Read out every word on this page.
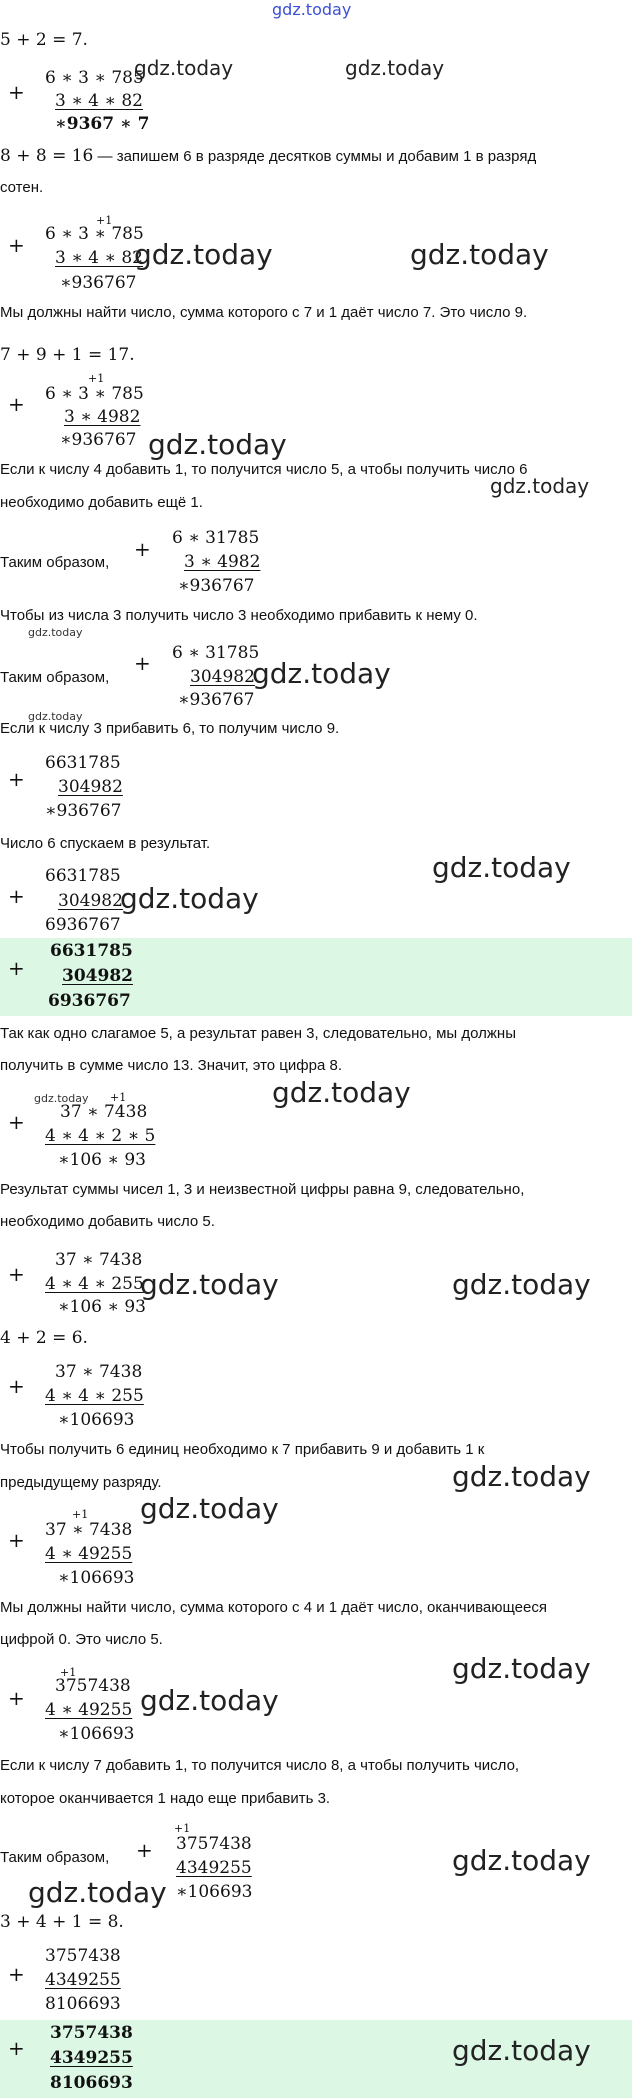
gdz.today
5 + 2 = 7.
+
6 ∗ 3 ∗ 785
3 ∗ 4 ∗ 82
∗9367 ∗ 7
gdz.today	gdz.today
8 + 8 = 16 — запишем 6 в разряде десятков суммы и добавим 1 в разряд
сотен.
+1
+ 6 ∗ 3 ∗ 785
3 ∗ 4 ∗ 82
∗936767
gdz.today	gdz.today
Мы должны найти число, сумма которого с 7 и 1 даёт число 7. Это число 9.
7 + 9 + 1 = 17.
+1
+ 6 ∗ 3 ∗ 785
3 ∗ 4982
∗936767 gdz.today
Если к числу 4 добавить 1, то получится число 5, а чтобы получить число 6
необходимо добавить ещё 1.
gdz.today
Таким образом,
+ 6 ∗ 31785
3 ∗ 4982
∗936767
Чтобы из числа 3 получить число 3 необходимо прибавить к нему 0.
gdz.today
Таким образом,
+ 6 ∗ 31785
304982
∗936767
gdz.today
gdz.today
Если к числу 3 прибавить 6, то получим число 9.
+
6631785
304982
∗936767
Число 6 спускаем в результат.
+
6631785
304982
6936767
gdz.today
gdz.today
+
6631785
304982
6936767
Так как одно слагамое 5, а результат равен 3, следовательно, мы должны
получить в сумме число 13. Значит, это цифра 8.
gdz.today +1
+ 37 ∗ 7438
4 ∗ 4 ∗ 2 ∗ 5
∗106 ∗ 93
gdz.today
Результат суммы чисел 1, 3 и неизвестной цифры равна 9, следовательно,
необходимо добавить число 5.
+
37 ∗ 7438
4 ∗ 4 ∗ 255
∗106 ∗ 93
gdz.today	gdz.today
4 + 2 = 6.
+
37 ∗ 7438
4 ∗ 4 ∗ 255
∗106693
Чтобы получить 6 единиц необходимо к 7 прибавить 9 и добавить 1 к
предыдущему разряду.	gdz.today
+1
+ 37 ∗ 7438
4 ∗ 49255
∗106693
gdz.today
Мы должны найти число, сумма которого с 4 и 1 даёт число, оканчивающееся
цифрой 0. Это число 5.
+1
+ 3757438
4 ∗ 49255
∗106693
gdz.today
gdz.today
Если к числу 7 добавить 1, то получится число 8, а чтобы получить число,
которое оканчивается 1 надо еще прибавить 3.
Таким образом,
+1
+ 3757438
4349255
∗106693
gdz.today
gdz.today
3 + 4 + 1 = 8.
+
3757438
4349255
8106693
+
3757438
4349255
8106693
gdz.today
